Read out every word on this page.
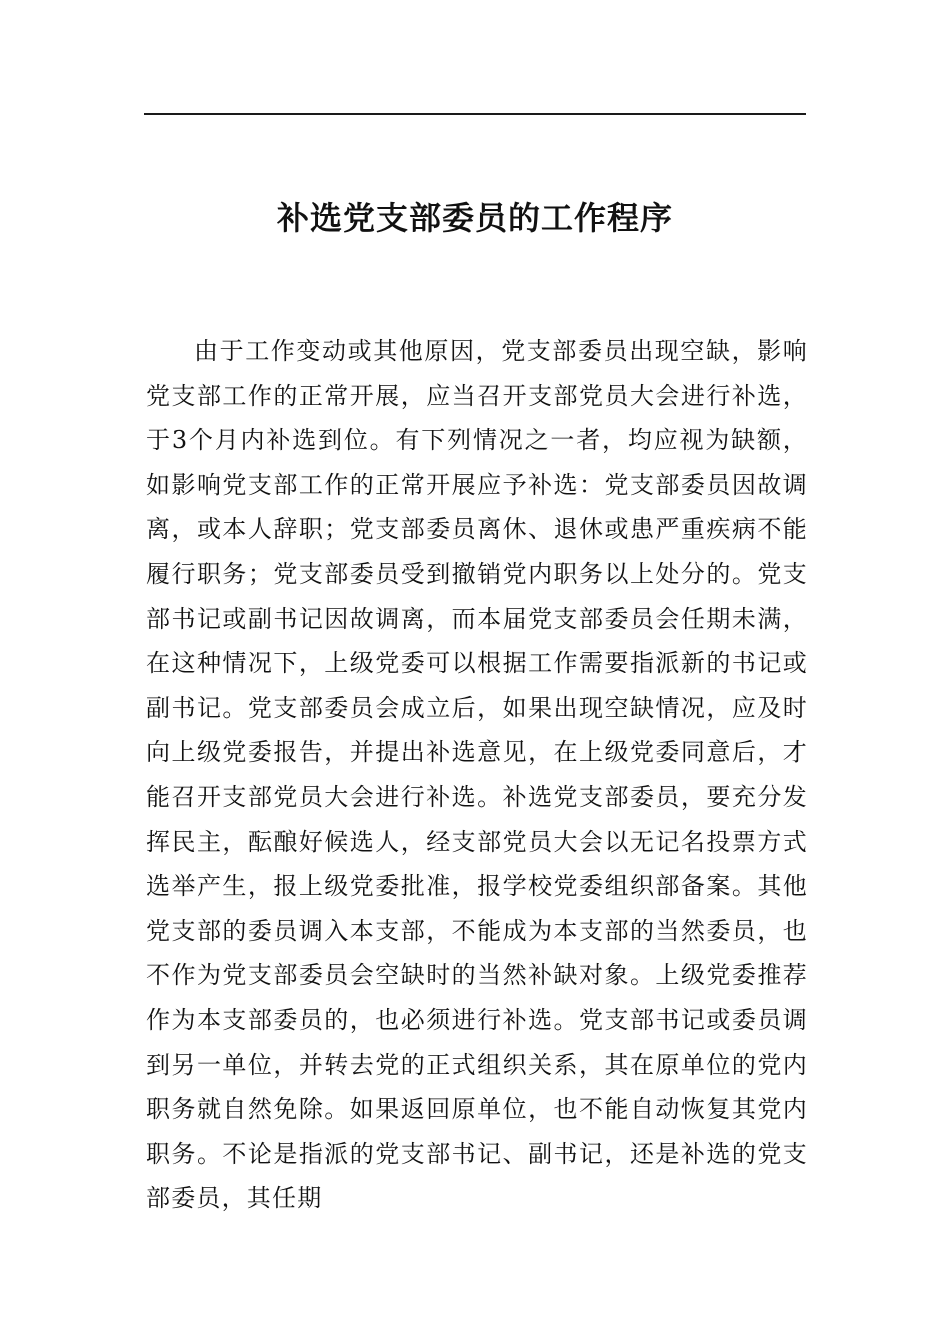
补选党支部委员的工作程序

由于工作变动或其他原因，党支部委员出现空缺，影响党支部工作的正常开展，应当召开支部党员大会进行补选，于3个月内补选到位。有下列情况之一者，均应视为缺额，如影响党支部工作的正常开展应予补选：党支部委员因故调离，或本人辞职；党支部委员离休、退休或患严重疾病不能履行职务；党支部委员受到撤销党内职务以上处分的。党支部书记或副书记因故调离，而本届党支部委员会任期未满，在这种情况下，上级党委可以根据工作需要指派新的书记或副书记。党支部委员会成立后，如果出现空缺情况，应及时向上级党委报告，并提出补选意见，在上级党委同意后，才能召开支部党员大会进行补选。补选党支部委员，要充分发挥民主，酝酿好候选人，经支部党员大会以无记名投票方式选举产生，报上级党委批准，报学校党委组织部备案。其他党支部的委员调入本支部，不能成为本支部的当然委员，也不作为党支部委员会空缺时的当然补缺对象。上级党委推荐作为本支部委员的，也必须进行补选。党支部书记或委员调到另一单位，并转去党的正式组织关系，其在原单位的党内职务就自然免除。如果返回原单位，也不能自动恢复其党内职务。不论是指派的党支部书记、副书记，还是补选的党支部委员，其任期
